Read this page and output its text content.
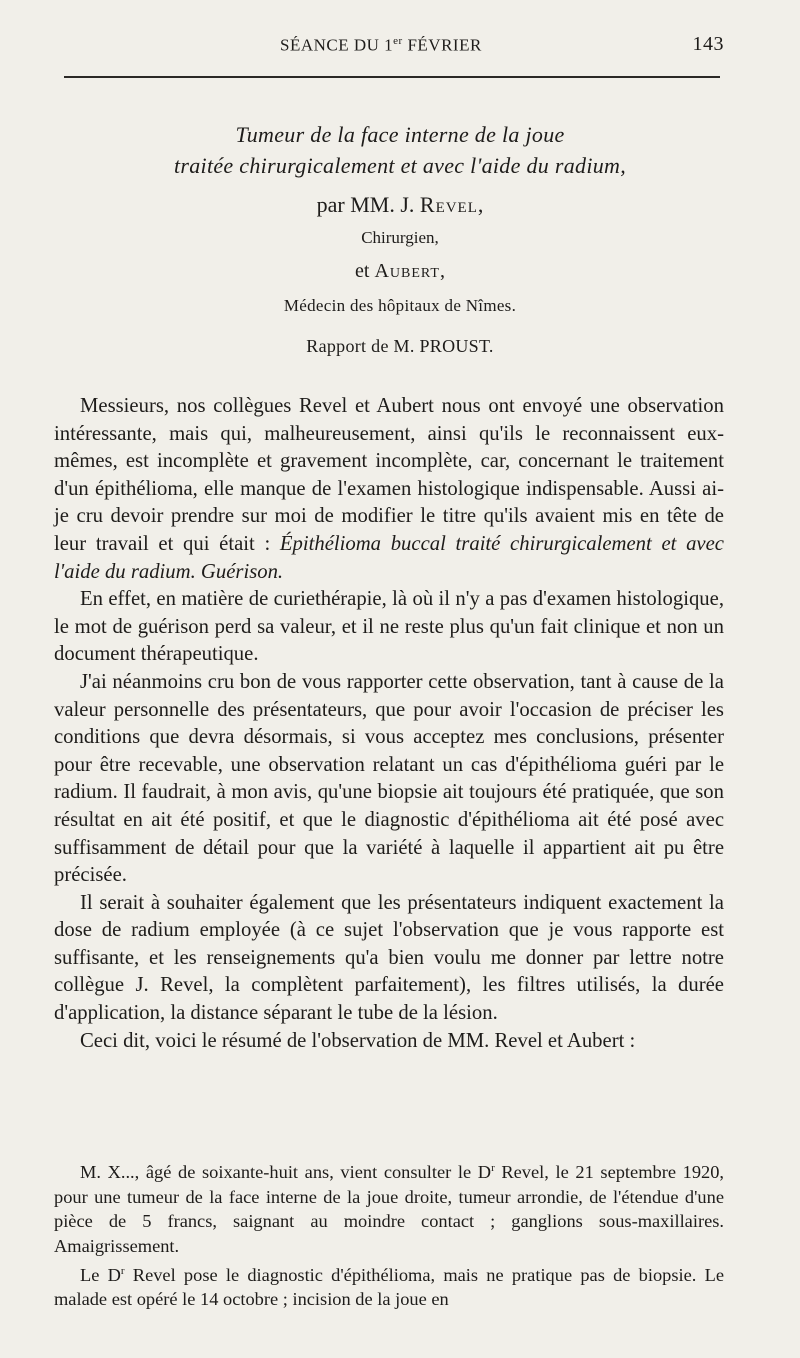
SÉANCE DU 1er FÉVRIER	143
Tumeur de la face interne de la joue
traitée chirurgicalement et avec l'aide du radium,
par MM. J. Revel,
Chirurgien,
et Aubert,
Médecin des hôpitaux de Nîmes.
Rapport de M. PROUST.

Messieurs, nos collègues Revel et Aubert nous ont envoyé une observation intéressante, mais qui, malheureusement, ainsi qu'ils le reconnaissent eux-mêmes, est incomplète et gravement incomplète, car, concernant le traitement d'un épithélioma, elle manque de l'examen histologique indispensable. Aussi ai-je cru devoir prendre sur moi de modifier le titre qu'ils avaient mis en tête de leur travail et qui était : Épithélioma buccal traité chirurgicalement et avec l'aide du radium. Guérison.

En effet, en matière de curiethérapie, là où il n'y a pas d'examen histologique, le mot de guérison perd sa valeur, et il ne reste plus qu'un fait clinique et non un document thérapeutique.

J'ai néanmoins cru bon de vous rapporter cette observation, tant à cause de la valeur personnelle des présentateurs, que pour avoir l'occasion de préciser les conditions que devra désormais, si vous acceptez mes conclusions, présenter pour être recevable, une observation relatant un cas d'épithélioma guéri par le radium. Il faudrait, à mon avis, qu'une biopsie ait toujours été pratiquée, que son résultat en ait été positif, et que le diagnostic d'épithélioma ait été posé avec suffisamment de détail pour que la variété à laquelle il appartient ait pu être précisée.

Il serait à souhaiter également que les présentateurs indiquent exactement la dose de radium employée (à ce sujet l'observation que je vous rapporte est suffisante, et les renseignements qu'a bien voulu me donner par lettre notre collègue J. Revel, la complètent parfaitement), les filtres utilisés, la durée d'application, la distance séparant le tube de la lésion.

Ceci dit, voici le résumé de l'observation de MM. Revel et Aubert :

M. X..., âgé de soixante-huit ans, vient consulter le $D^r$ Revel, le 21 septembre 1920, pour une tumeur de la face interne de la joue droite, tumeur arrondie, de l'étendue d'une pièce de 5 francs, saignant au moindre contact ; ganglions sous-maxillaires. Amaigrissement.

Le $D^r$ Revel pose le diagnostic d'épithélioma, mais ne pratique pas de biopsie. Le malade est opéré le 14 octobre ; incision de la joue en
